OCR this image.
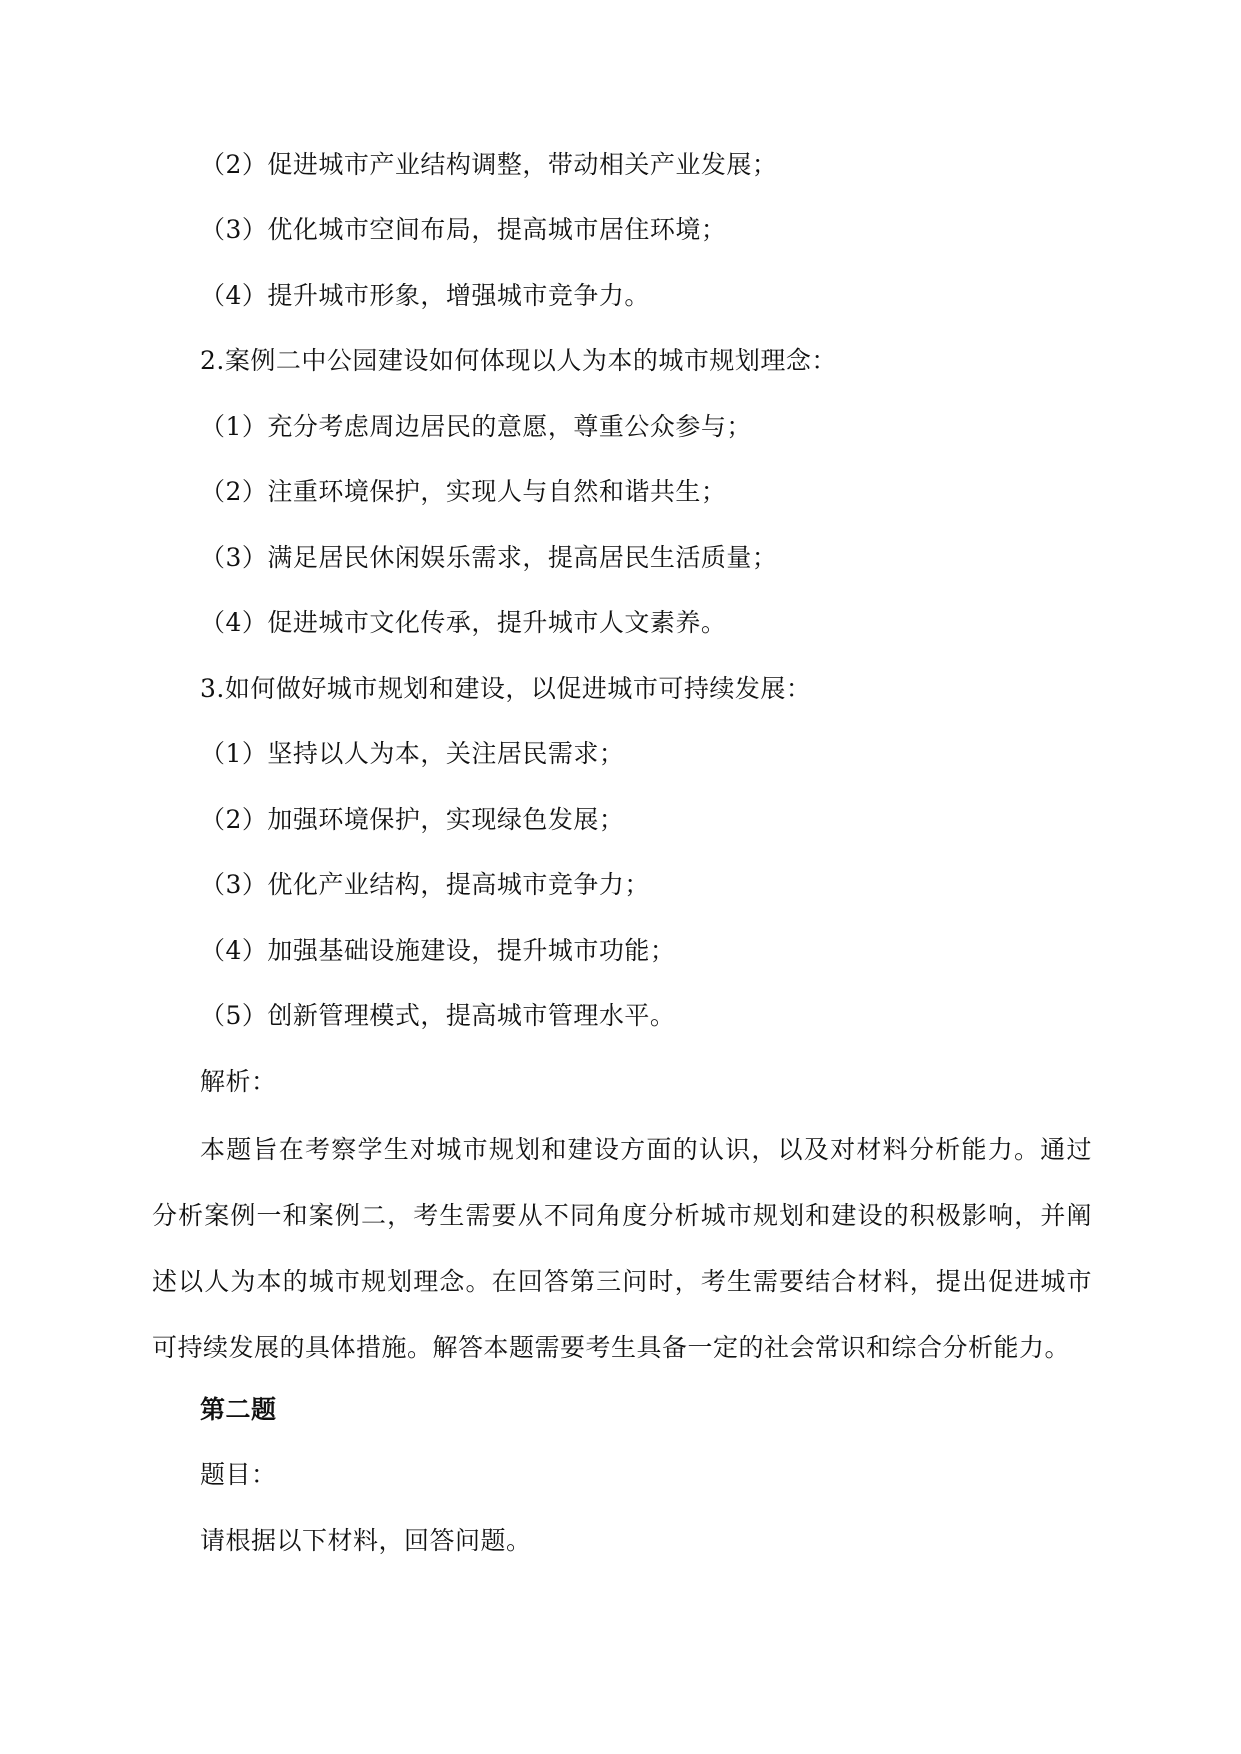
（2）促进城市产业结构调整，带动相关产业发展；
（3）优化城市空间布局，提高城市居住环境；
（4）提升城市形象，增强城市竞争力。
2.案例二中公园建设如何体现以人为本的城市规划理念：
（1）充分考虑周边居民的意愿，尊重公众参与；
（2）注重环境保护，实现人与自然和谐共生；
（3）满足居民休闲娱乐需求，提高居民生活质量；
（4）促进城市文化传承，提升城市人文素养。
3.如何做好城市规划和建设，以促进城市可持续发展：
（1）坚持以人为本，关注居民需求；
（2）加强环境保护，实现绿色发展；
（3）优化产业结构，提高城市竞争力；
（4）加强基础设施建设，提升城市功能；
（5）创新管理模式，提高城市管理水平。
解析：
本题旨在考察学生对城市规划和建设方面的认识，以及对材料分析能力。通过分析案例一和案例二，考生需要从不同角度分析城市规划和建设的积极影响，并阐述以人为本的城市规划理念。在回答第三问时，考生需要结合材料，提出促进城市可持续发展的具体措施。解答本题需要考生具备一定的社会常识和综合分析能力。
第二题
题目：
请根据以下材料，回答问题。
